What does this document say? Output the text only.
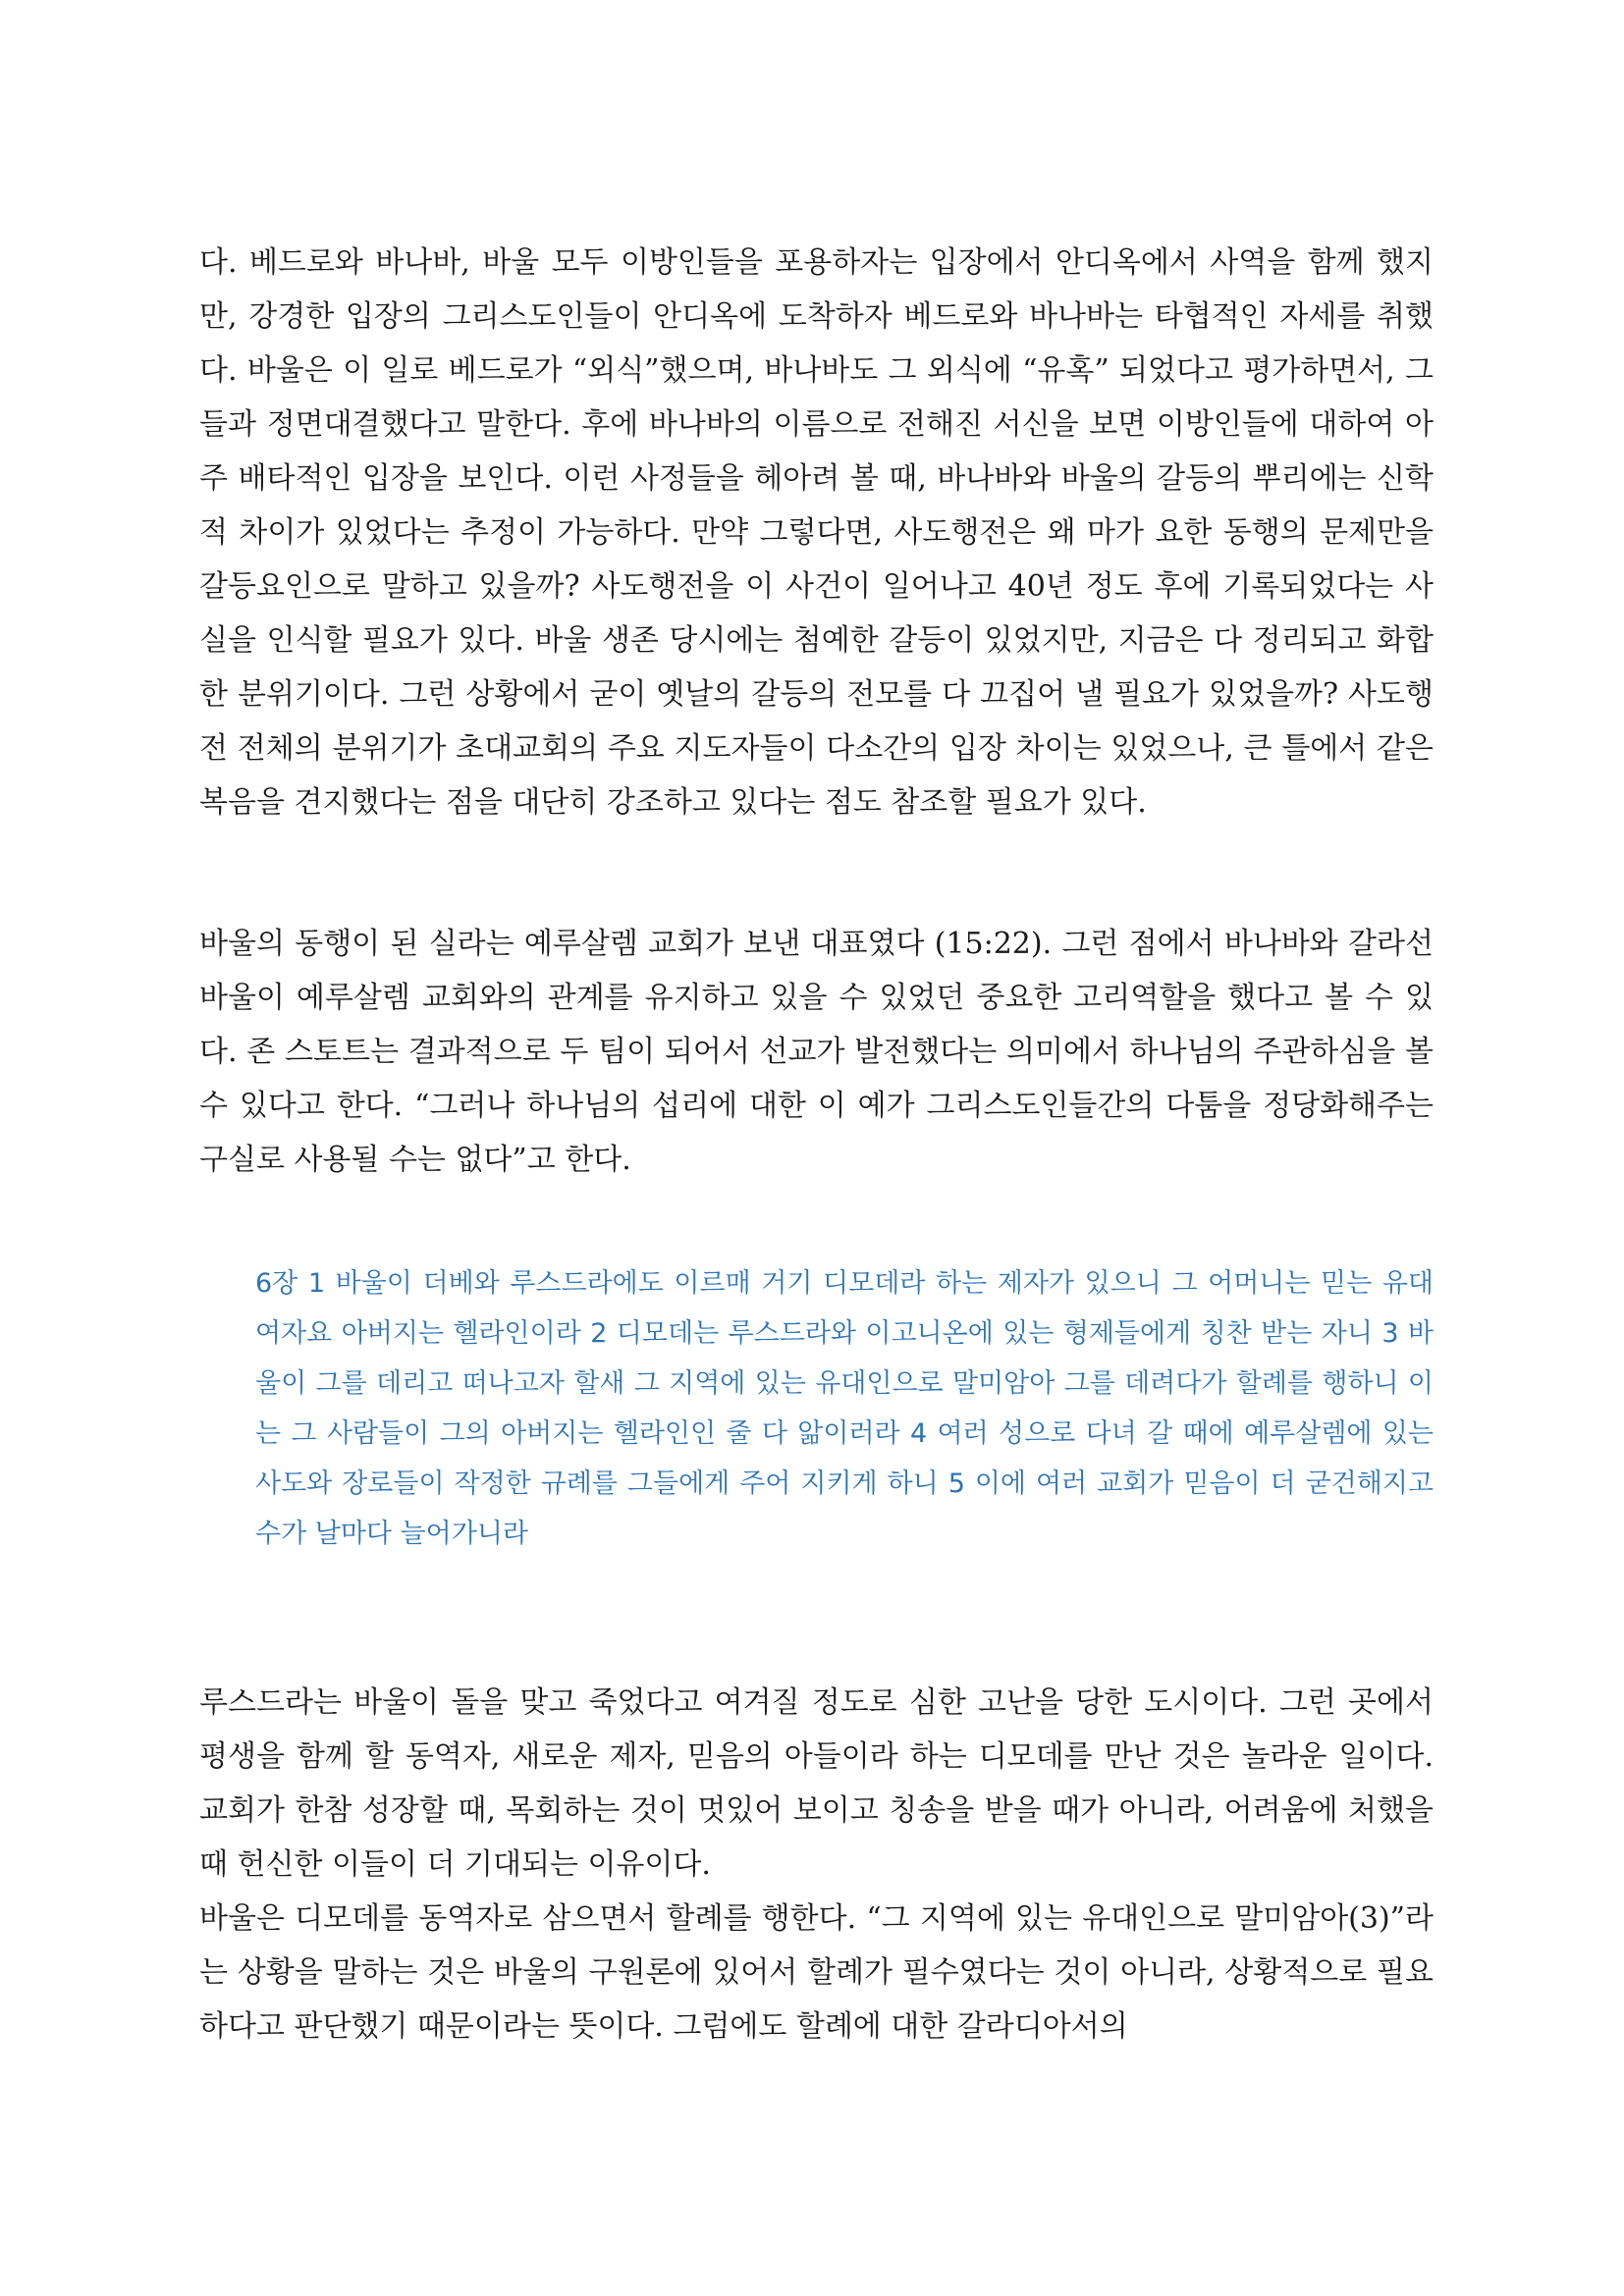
다. 베드로와 바나바, 바울 모두 이방인들을 포용하자는 입장에서 안디옥에서 사역을 함께 했지만, 강경한 입장의 그리스도인들이 안디옥에 도착하자 베드로와 바나바는 타협적인 자세를 취했다. 바울은 이 일로 베드로가 “외식”했으며, 바나바도 그 외식에 “유혹” 되었다고 평가하면서, 그들과 정면대결했다고 말한다. 후에 바나바의 이름으로 전해진 서신을 보면 이방인들에 대하여 아주 배타적인 입장을 보인다. 이런 사정들을 헤아려 볼 때, 바나바와 바울의 갈등의 뿌리에는 신학적 차이가 있었다는 추정이 가능하다. 만약 그렇다면, 사도행전은 왜 마가 요한 동행의 문제만을 갈등요인으로 말하고 있을까? 사도행전을 이 사건이 일어나고 40년 정도 후에 기록되었다는 사실을 인식할 필요가 있다. 바울 생존 당시에는 첨예한 갈등이 있었지만, 지금은 다 정리되고 화합한 분위기이다. 그런 상황에서 굳이 옛날의 갈등의 전모를 다 끄집어 낼 필요가 있었을까? 사도행전 전체의 분위기가 초대교회의 주요 지도자들이 다소간의 입장 차이는 있었으나, 큰 틀에서 같은 복음을 견지했다는 점을 대단히 강조하고 있다는 점도 참조할 필요가 있다.

바울의 동행이 된 실라는 예루살렘 교회가 보낸 대표였다 (15:22). 그런 점에서 바나바와 갈라선 바울이 예루살렘 교회와의 관계를 유지하고 있을 수 있었던 중요한 고리역할을 했다고 볼 수 있다. 존 스토트는 결과적으로 두 팀이 되어서 선교가 발전했다는 의미에서 하나님의 주관하심을 볼 수 있다고 한다. “그러나 하나님의 섭리에 대한 이 예가 그리스도인들간의 다툼을 정당화해주는 구실로 사용될 수는 없다”고 한다.

6장 1 바울이 더베와 루스드라에도 이르매 거기 디모데라 하는 제자가 있으니 그 어머니는 믿는 유대 여자요 아버지는 헬라인이라 2 디모데는 루스드라와 이고니온에 있는 형제들에게 칭찬 받는 자니 3 바울이 그를 데리고 떠나고자 할새 그 지역에 있는 유대인으로 말미암아 그를 데려다가 할례를 행하니 이는 그 사람들이 그의 아버지는 헬라인인 줄 다 앎이러라 4 여러 성으로 다녀 갈 때에 예루살렘에 있는 사도와 장로들이 작정한 규례를 그들에게 주어 지키게 하니 5 이에 여러 교회가 믿음이 더 굳건해지고 수가 날마다 늘어가니라

루스드라는 바울이 돌을 맞고 죽었다고 여겨질 정도로 심한 고난을 당한 도시이다. 그런 곳에서 평생을 함께 할 동역자, 새로운 제자, 믿음의 아들이라 하는 디모데를 만난 것은 놀라운 일이다. 교회가 한참 성장할 때, 목회하는 것이 멋있어 보이고 칭송을 받을 때가 아니라, 어려움에 처했을 때 헌신한 이들이 더 기대되는 이유이다.

바울은 디모데를 동역자로 삼으면서 할례를 행한다. “그 지역에 있는 유대인으로 말미암아(3)”라는 상황을 말하는 것은 바울의 구원론에 있어서 할례가 필수였다는 것이 아니라, 상황적으로 필요하다고 판단했기 때문이라는 뜻이다. 그럼에도 할례에 대한 갈라디아서의
